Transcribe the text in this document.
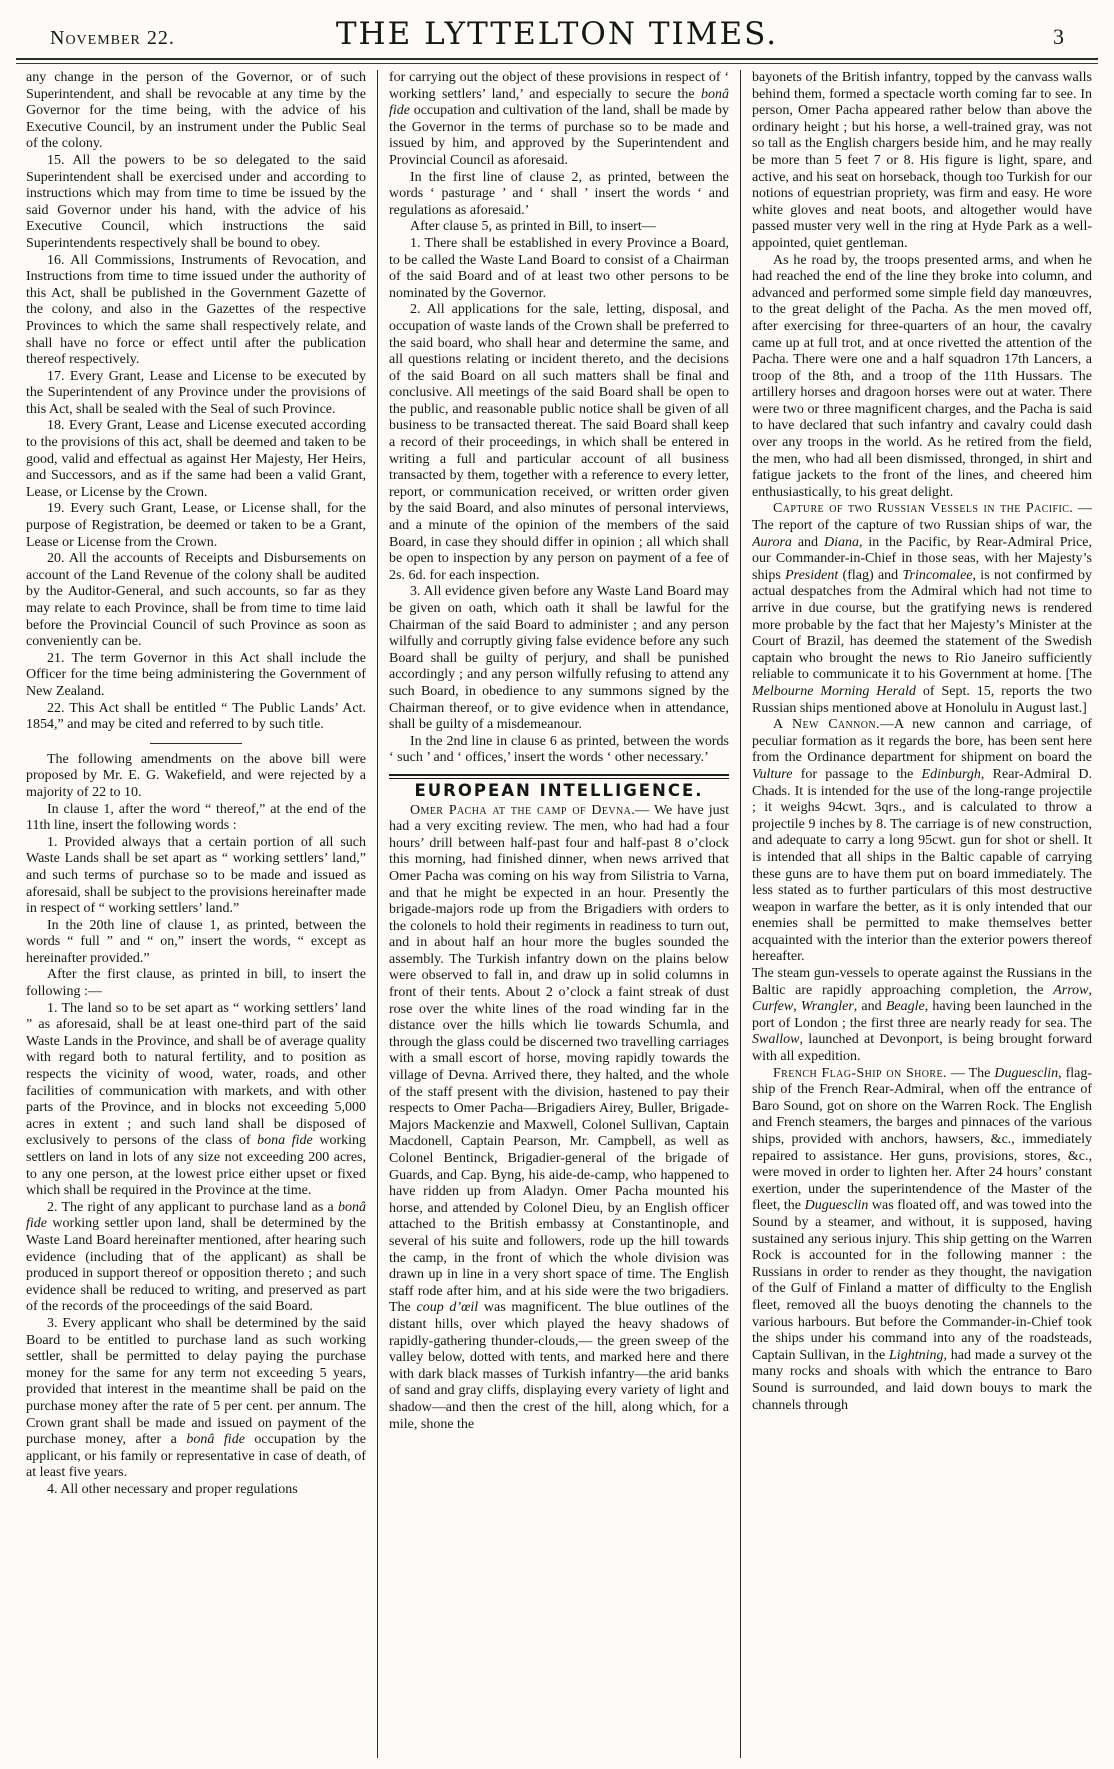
November 22.	THE LYTTELTON TIMES.	3

any change in the person of the Governor, or of such Superintendent, and shall be revocable at any time by the Governor for the time being, with the advice of his Executive Council, by an instrument under the Public Seal of the colony.

15. All the powers to be so delegated to the said Superintendent shall be exercised under and according to instructions which may from time to time be issued by the said Governor under his hand, with the advice of his Executive Council, which instructions the said Superintendents respectively shall be bound to obey.

16. All Commissions, Instruments of Revocation, and Instructions from time to time issued under the authority of this Act, shall be published in the Government Gazette of the colony, and also in the Gazettes of the respective Provinces to which the same shall respectively relate, and shall have no force or effect until after the publication thereof respectively.

17. Every Grant, Lease and License to be executed by the Superintendent of any Province under the provisions of this Act, shall be sealed with the Seal of such Province.

18. Every Grant, Lease and License executed according to the provisions of this act, shall be deemed and taken to be good, valid and effectual as against Her Majesty, Her Heirs, and Successors, and as if the same had been a valid Grant, Lease, or License by the Crown.

19. Every such Grant, Lease, or License shall, for the purpose of Registration, be deemed or taken to be a Grant, Lease or License from the Crown.

20. All the accounts of Receipts and Disbursements on account of the Land Revenue of the colony shall be audited by the Auditor-General, and such accounts, so far as they may relate to each Province, shall be from time to time laid before the Provincial Council of such Province as soon as conveniently can be.

21. The term Governor in this Act shall include the Officer for the time being administering the Government of New Zealand.

22. This Act shall be entitled “ The Public Lands’ Act. 1854,” and may be cited and referred to by such title.

The following amendments on the above bill were proposed by Mr. E. G. Wakefield, and were rejected by a majority of 22 to 10.

In clause 1, after the word “ thereof,” at the end of the 11th line, insert the following words :

1. Provided always that a certain portion of all such Waste Lands shall be set apart as “ working settlers’ land,” and such terms of purchase so to be made and issued as aforesaid, shall be subject to the provisions hereinafter made in respect of “ working settlers’ land.”

In the 20th line of clause 1, as printed, between the words “ full ” and “ on,” insert the words, “ except as hereinafter provided.”

After the first clause, as printed in bill, to insert the following :—

1. The land so to be set apart as “ working settlers’ land ” as aforesaid, shall be at least one-third part of the said Waste Lands in the Province, and shall be of average quality with regard both to natural fertility, and to position as respects the vicinity of wood, water, roads, and other facilities of communication with markets, and with other parts of the Province, and in blocks not exceeding 5,000 acres in extent ; and such land shall be disposed of exclusively to persons of the class of bona fide working settlers on land in lots of any size not exceeding 200 acres, to any one person, at the lowest price either upset or fixed which shall be required in the Province at the time.

2. The right of any applicant to purchase land as a bonâ fide working settler upon land, shall be determined by the Waste Land Board hereinafter mentioned, after hearing such evidence (including that of the applicant) as shall be produced in support thereof or opposition thereto ; and such evidence shall be reduced to writing, and preserved as part of the records of the proceedings of the said Board.

3. Every applicant who shall be determined by the said Board to be entitled to purchase land as such working settler, shall be permitted to delay paying the purchase money for the same for any term not exceeding 5 years, provided that interest in the meantime shall be paid on the purchase money after the rate of 5 per cent. per annum. The Crown grant shall be made and issued on payment of the purchase money, after a bonâ fide occupation by the applicant, or his family or representative in case of death, of at least five years.

4. All other necessary and proper regulations

for carrying out the object of these provisions in respect of ‘ working settlers’ land,’ and especially to secure the bonâ fide occupation and cultivation of the land, shall be made by the Governor in the terms of purchase so to be made and issued by him, and approved by the Superintendent and Provincial Council as aforesaid.

In the first line of clause 2, as printed, between the words ‘ pasturage ’ and ‘ shall ’ insert the words ‘ and regulations as aforesaid.’

After clause 5, as printed in Bill, to insert—

1. There shall be established in every Province a Board, to be called the Waste Land Board to consist of a Chairman of the said Board and of at least two other persons to be nominated by the Governor.

2. All applications for the sale, letting, disposal, and occupation of waste lands of the Crown shall be preferred to the said board, who shall hear and determine the same, and all questions relating or incident thereto, and the decisions of the said Board on all such matters shall be final and conclusive. All meetings of the said Board shall be open to the public, and reasonable public notice shall be given of all business to be transacted thereat. The said Board shall keep a record of their proceedings, in which shall be entered in writing a full and particular account of all business transacted by them, together with a reference to every letter, report, or communication received, or written order given by the said Board, and also minutes of personal interviews, and a minute of the opinion of the members of the said Board, in case they should differ in opinion ; all which shall be open to inspection by any person on payment of a fee of 2s. 6d. for each inspection.

3. All evidence given before any Waste Land Board may be given on oath, which oath it shall be lawful for the Chairman of the said Board to administer ; and any person wilfully and corruptly giving false evidence before any such Board shall be guilty of perjury, and shall be punished accordingly ; and any person wilfully refusing to attend any such Board, in obedience to any summons signed by the Chairman thereof, or to give evidence when in attendance, shall be guilty of a misdemeanour.

In the 2nd line in clause 6 as printed, between the words ‘ such ’ and ‘ offices,’ insert the words ‘ other necessary.’

EUROPEAN INTELLIGENCE.

Omer Pacha at the camp of Devna.— We have just had a very exciting review. The men, who had had a four hours’ drill between half-past four and half-past 8 o’clock this morning, had finished dinner, when news arrived that Omer Pacha was coming on his way from Silistria to Varna, and that he might be expected in an hour. Presently the brigade-majors rode up from the Brigadiers with orders to the colonels to hold their regiments in readiness to turn out, and in about half an hour more the bugles sounded the assembly. The Turkish infantry down on the plains below were observed to fall in, and draw up in solid columns in front of their tents. About 2 o’clock a faint streak of dust rose over the white lines of the road winding far in the distance over the hills which lie towards Schumla, and through the glass could be discerned two travelling carriages with a small escort of horse, moving rapidly towards the village of Devna. Arrived there, they halted, and the whole of the staff present with the division, hastened to pay their respects to Omer Pacha—Brigadiers Airey, Buller, Brigade-Majors Mackenzie and Maxwell, Colonel Sullivan, Captain Macdonell, Captain Pearson, Mr. Campbell, as well as Colonel Bentinck, Brigadier-general of the brigade of Guards, and Cap. Byng, his aide-de-camp, who happened to have ridden up from Aladyn. Omer Pacha mounted his horse, and attended by Colonel Dieu, by an English officer attached to the British embassy at Constantinople, and several of his suite and followers, rode up the hill towards the camp, in the front of which the whole division was drawn up in line in a very short space of time. The English staff rode after him, and at his side were the two brigadiers. The coup d’œil was magnificent. The blue outlines of the distant hills, over which played the heavy shadows of rapidly-gathering thunder-clouds,— the green sweep of the valley below, dotted with tents, and marked here and there with dark black masses of Turkish infantry—the arid banks of sand and gray cliffs, displaying every variety of light and shadow—and then the crest of the hill, along which, for a mile, shone the

bayonets of the British infantry, topped by the canvass walls behind them, formed a spectacle worth coming far to see. In person, Omer Pacha appeared rather below than above the ordinary height ; but his horse, a well-trained gray, was not so tall as the English chargers beside him, and he may really be more than 5 feet 7 or 8. His figure is light, spare, and active, and his seat on horseback, though too Turkish for our notions of equestrian propriety, was firm and easy. He wore white gloves and neat boots, and altogether would have passed muster very well in the ring at Hyde Park as a well-appointed, quiet gentleman.

As he road by, the troops presented arms, and when he had reached the end of the line they broke into column, and advanced and performed some simple field day manœuvres, to the great delight of the Pacha. As the men moved off, after exercising for three-quarters of an hour, the cavalry came up at full trot, and at once rivetted the attention of the Pacha. There were one and a half squadron 17th Lancers, a troop of the 8th, and a troop of the 11th Hussars. The artillery horses and dragoon horses were out at water. There were two or three magnificent charges, and the Pacha is said to have declared that such infantry and cavalry could dash over any troops in the world. As he retired from the field, the men, who had all been dismissed, thronged, in shirt and fatigue jackets to the front of the lines, and cheered him enthusiastically, to his great delight.

Capture of two Russian Vessels in the Pacific. —The report of the capture of two Russian ships of war, the Aurora and Diana, in the Pacific, by Rear-Admiral Price, our Commander-in-Chief in those seas, with her Majesty’s ships President (flag) and Trincomalee, is not confirmed by actual despatches from the Admiral which had not time to arrive in due course, but the gratifying news is rendered more probable by the fact that her Majesty’s Minister at the Court of Brazil, has deemed the statement of the Swedish captain who brought the news to Rio Janeiro sufficiently reliable to communicate it to his Government at home. [The Melbourne Morning Herald of Sept. 15, reports the two Russian ships mentioned above at Honolulu in August last.]

A New Cannon.—A new cannon and carriage, of peculiar formation as it regards the bore, has been sent here from the Ordinance department for shipment on board the Vulture for passage to the Edinburgh, Rear-Admiral D. Chads. It is intended for the use of the long-range projectile ; it weighs 94cwt. 3qrs., and is calculated to throw a projectile 9 inches by 8. The carriage is of new construction, and adequate to carry a long 95cwt. gun for shot or shell. It is intended that all ships in the Baltic capable of carrying these guns are to have them put on board immediately. The less stated as to further particulars of this most destructive weapon in warfare the better, as it is only intended that our enemies shall be permitted to make themselves better acquainted with the interior than the exterior powers thereof hereafter.

● The steam gun-vessels to operate against the Russians in the Baltic are rapidly approaching completion, the Arrow, Curfew, Wrangler, and Beagle, having been launched in the port of London ; the first three are nearly ready for sea. The Swallow, launched at Devonport, is being brought forward with all expedition.

French Flag-Ship on Shore. — The Duguesclin, flag-ship of the French Rear-Admiral, when off the entrance of Baro Sound, got on shore on the Warren Rock. The English and French steamers, the barges and pinnaces of the various ships, provided with anchors, hawsers, &c., immediately repaired to assistance. Her guns, provisions, stores, &c., were moved in order to lighten her. After 24 hours’ constant exertion, under the superintendence of the Master of the fleet, the Duguesclin was floated off, and was towed into the Sound by a steamer, and without, it is supposed, having sustained any serious injury. This ship getting on the Warren Rock is accounted for in the following manner : the Russians in order to render as they thought, the navigation of the Gulf of Finland a matter of difficulty to the English fleet, removed all the buoys denoting the channels to the various harbours. But before the Commander-in-Chief took the ships under his command into any of the roadsteads, Captain Sullivan, in the Lightning, had made a survey ot the many rocks and shoals with which the entrance to Baro Sound is surrounded, and laid down bouys to mark the channels through
